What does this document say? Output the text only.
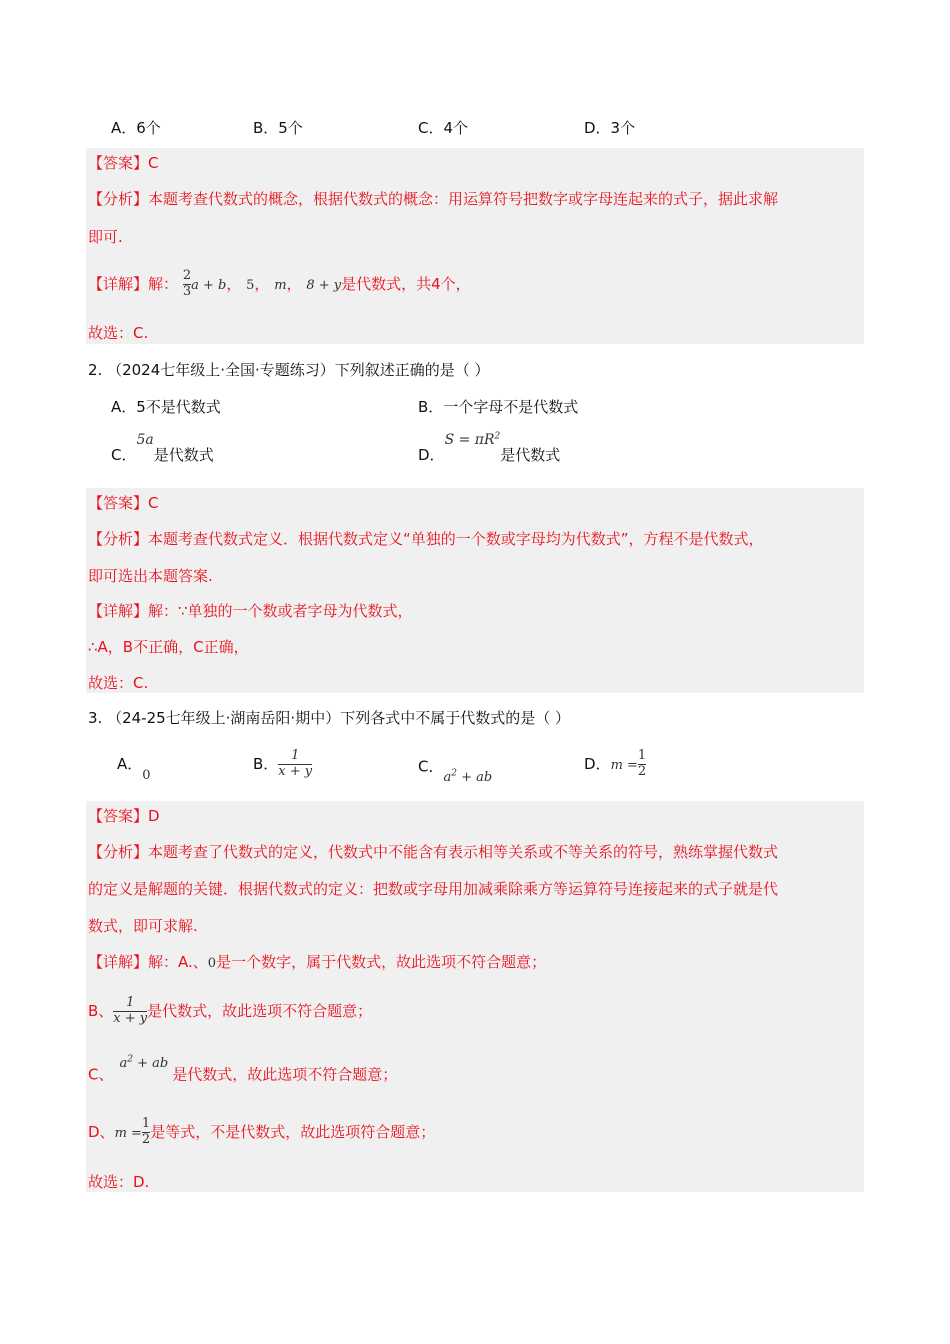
A．6个	B．5个	C．4个	D．3个
【答案】C
【分析】本题考查代数式的概念，根据代数式的概念：用运算符号把数字或字母连起来的式子，据此求解
即可.
【详解】解： $\frac{2}{3}$ a + b， 5， m， 8 + y是代数式，共4个，
故选：C.
2. （2024七年级上·全国·专题练习）下列叙述正确的是（ ）
A．5不是代数式	B．一个字母不是代数式
C．5a是代数式	D．$S = \pi R^2$是代数式
【答案】C
【分析】本题考查代数式定义．根据代数式定义“单独的一个数或字母均为代数式”，方程不是代数式，
即可选出本题答案.
【详解】解：∵单独的一个数或者字母为代数式，
∴A，B不正确，C正确，
故选：C.
3. （24-25七年级上·湖南岳阳·期中）下列各式中不属于代数式的是（ ）
A．0
B． $\frac{1}{x + y}$	C．$a^2$ + ab
D．$m = \frac{1}{2}$
【答案】D
【分析】本题考查了代数式的定义，代数式中不能含有表示相等关系或不等关系的符号，熟练掌握代数式
的定义是解题的关键．根据代数式的定义：把数或字母用加减乘除乘方等运算符号连接起来的式子就是代
数式，即可求解.
【详解】解：A.、0是一个数字，属于代数式，故此选项不符合题意；
B、 $\frac{1}{x + y}$ 是代数式，故此选项不符合题意；
C、$a^2$ + ab是代数式，故此选项不符合题意；
D、$m = \frac{1}{2}$ 是等式，不是代数式，故此选项符合题意；
故选：D.
